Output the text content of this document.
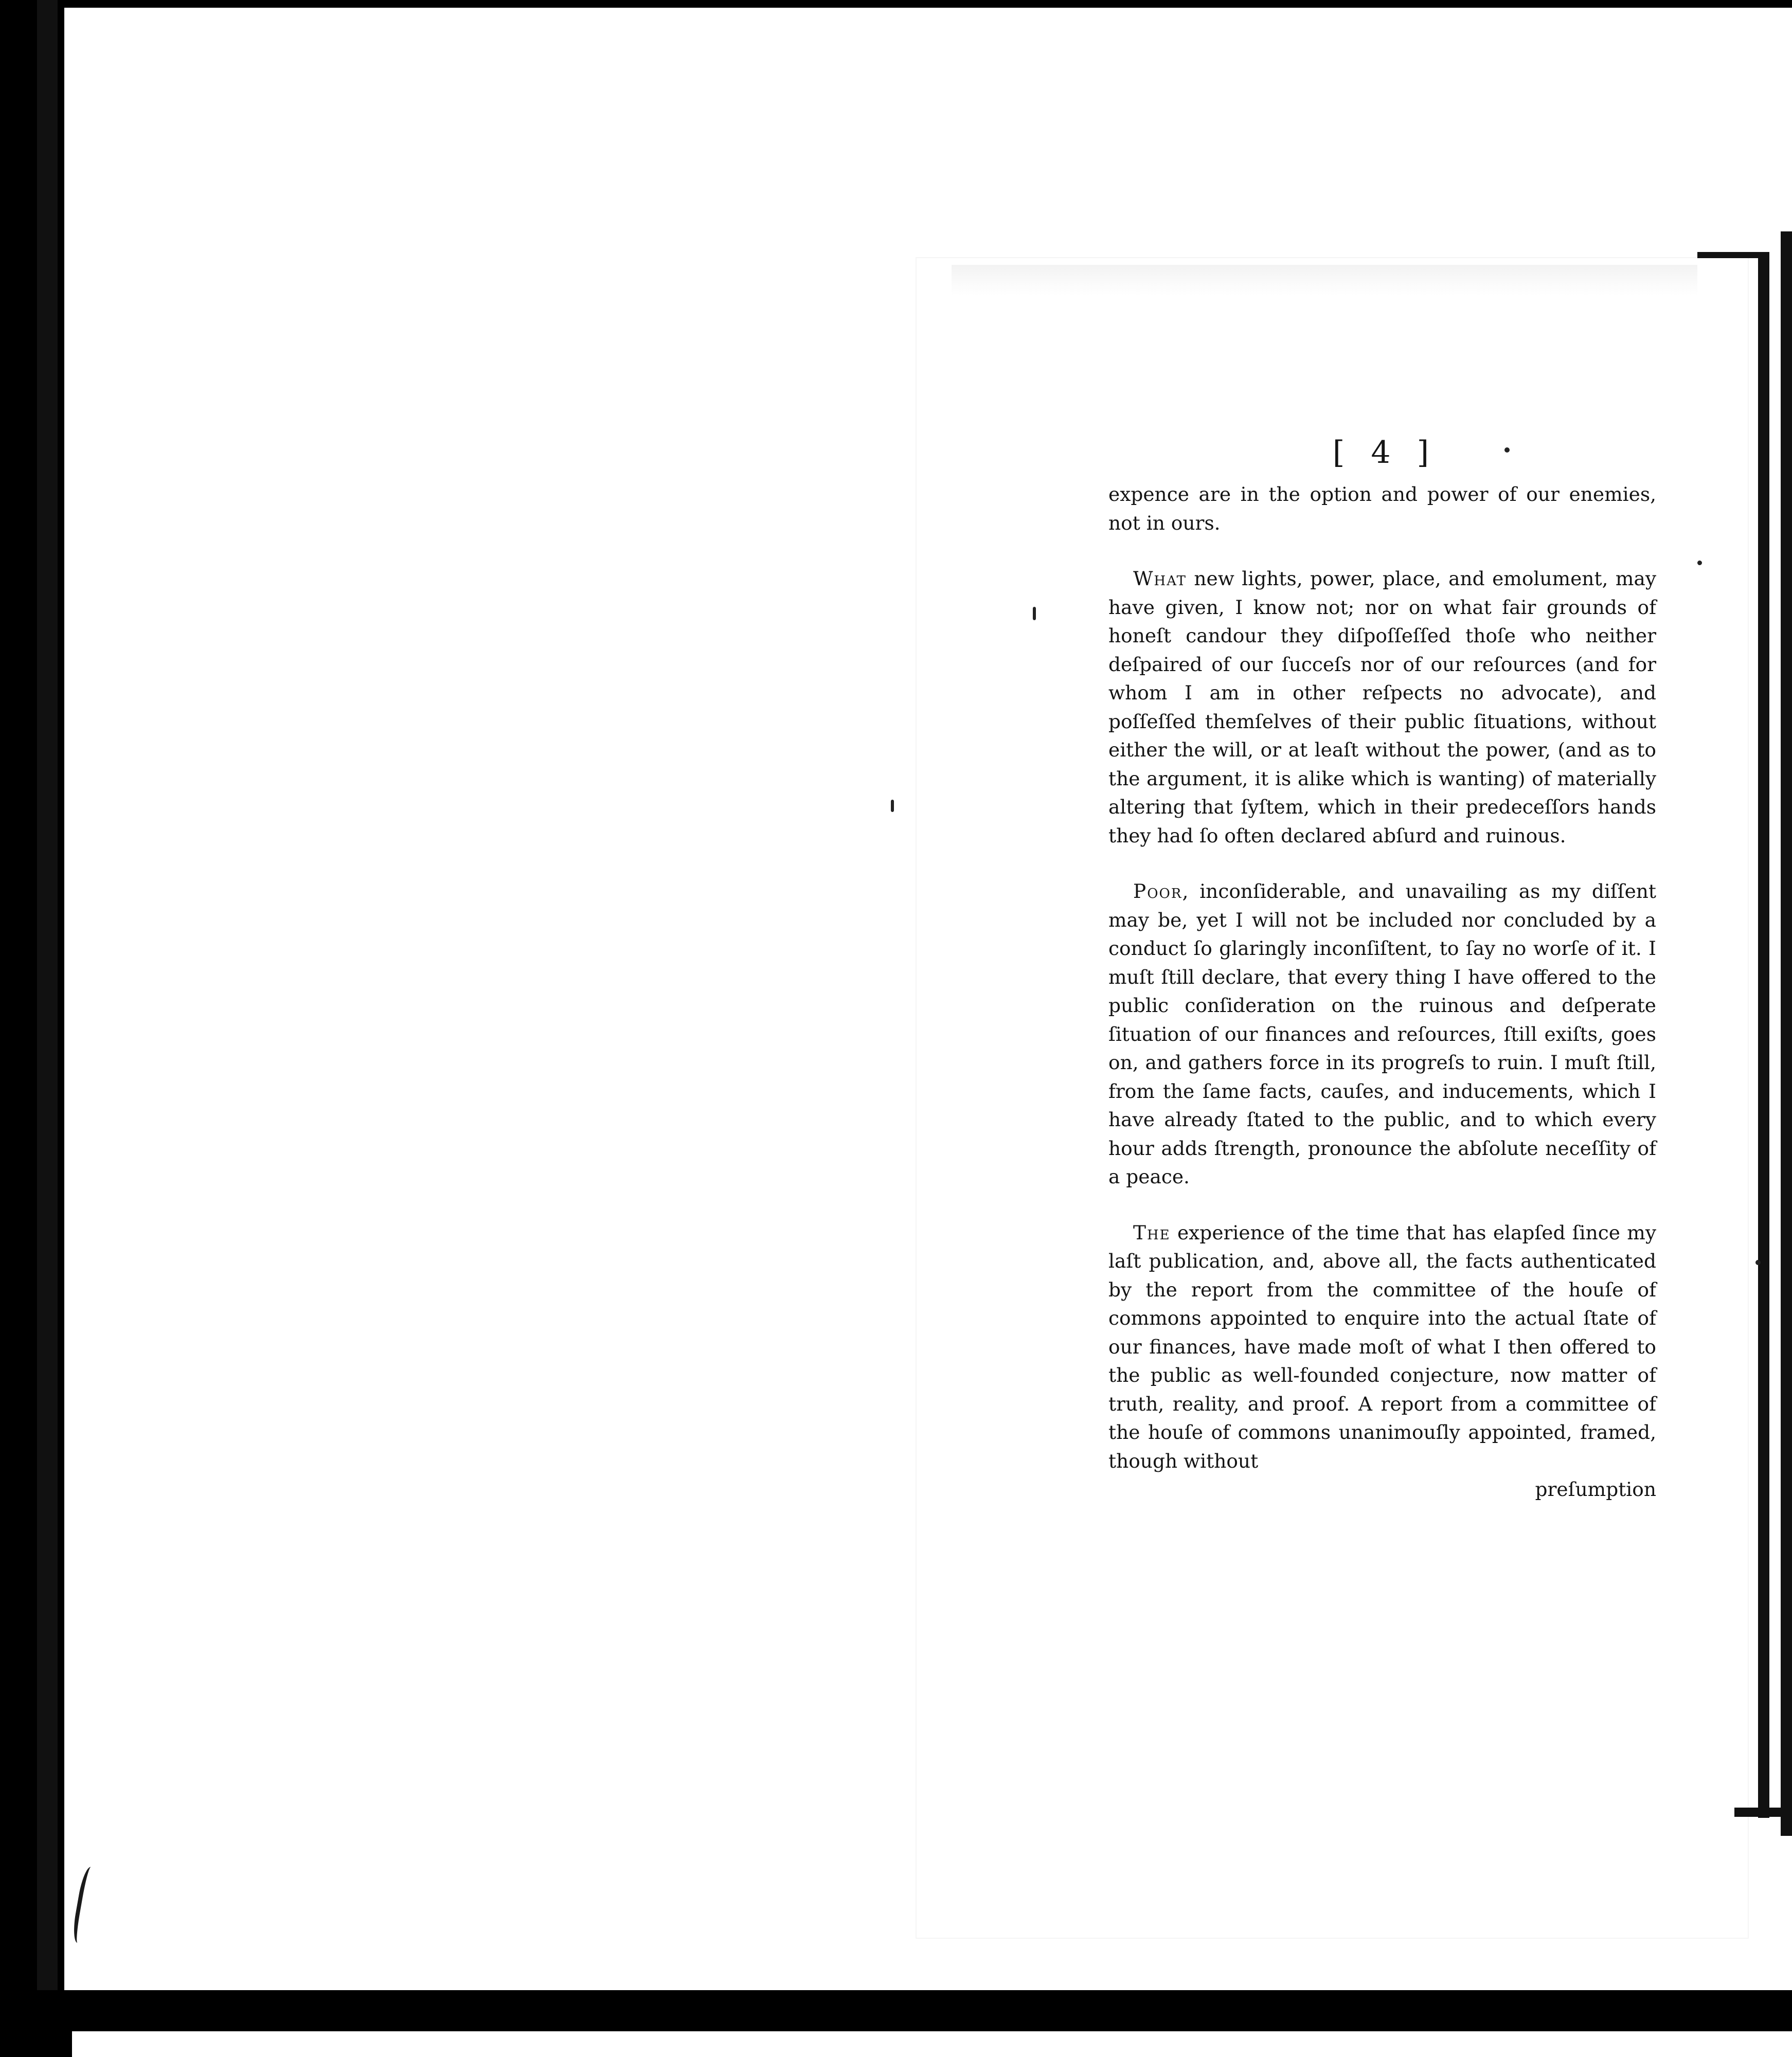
[ 4 ]

expence are in the option and power of our enemies, not in ours.

What new lights, power, place, and emolument, may have given, I know not; nor on what fair grounds of honeſt candour they diſpoſſeſſed thoſe who neither deſpaired of our ſucceſs nor of our reſources (and for whom I am in other reſpects no advocate), and poſſeſſed themſelves of their public ſituations, without either the will, or at leaſt without the power, (and as to the argument, it is alike which is wanting) of materially altering that ſyſtem, which in their predeceſſors hands they had ſo often declared abſurd and ruinous.

Poor, inconſiderable, and unavailing as my diſſent may be, yet I will not be included nor concluded by a conduct ſo glaringly inconſiſtent, to ſay no worſe of it. I muſt ſtill declare, that every thing I have offered to the public conſideration on the ruinous and deſperate ſituation of our finances and reſources, ſtill exiſts, goes on, and gathers force in its progreſs to ruin. I muſt ſtill, from the ſame facts, cauſes, and inducements, which I have already ſtated to the public, and to which every hour adds ſtrength, pronounce the abſolute neceſſity of a peace.

The experience of the time that has elapſed ſince my laſt publication, and, above all, the facts authenticated by the report from the committee of the houſe of commons appointed to enquire into the actual ſtate of our finances, have made moſt of what I then offered to the public as well-founded conjecture, now matter of truth, reality, and proof. A report from a committee of the houſe of commons unanimouſly appointed, framed, though without

preſumption
